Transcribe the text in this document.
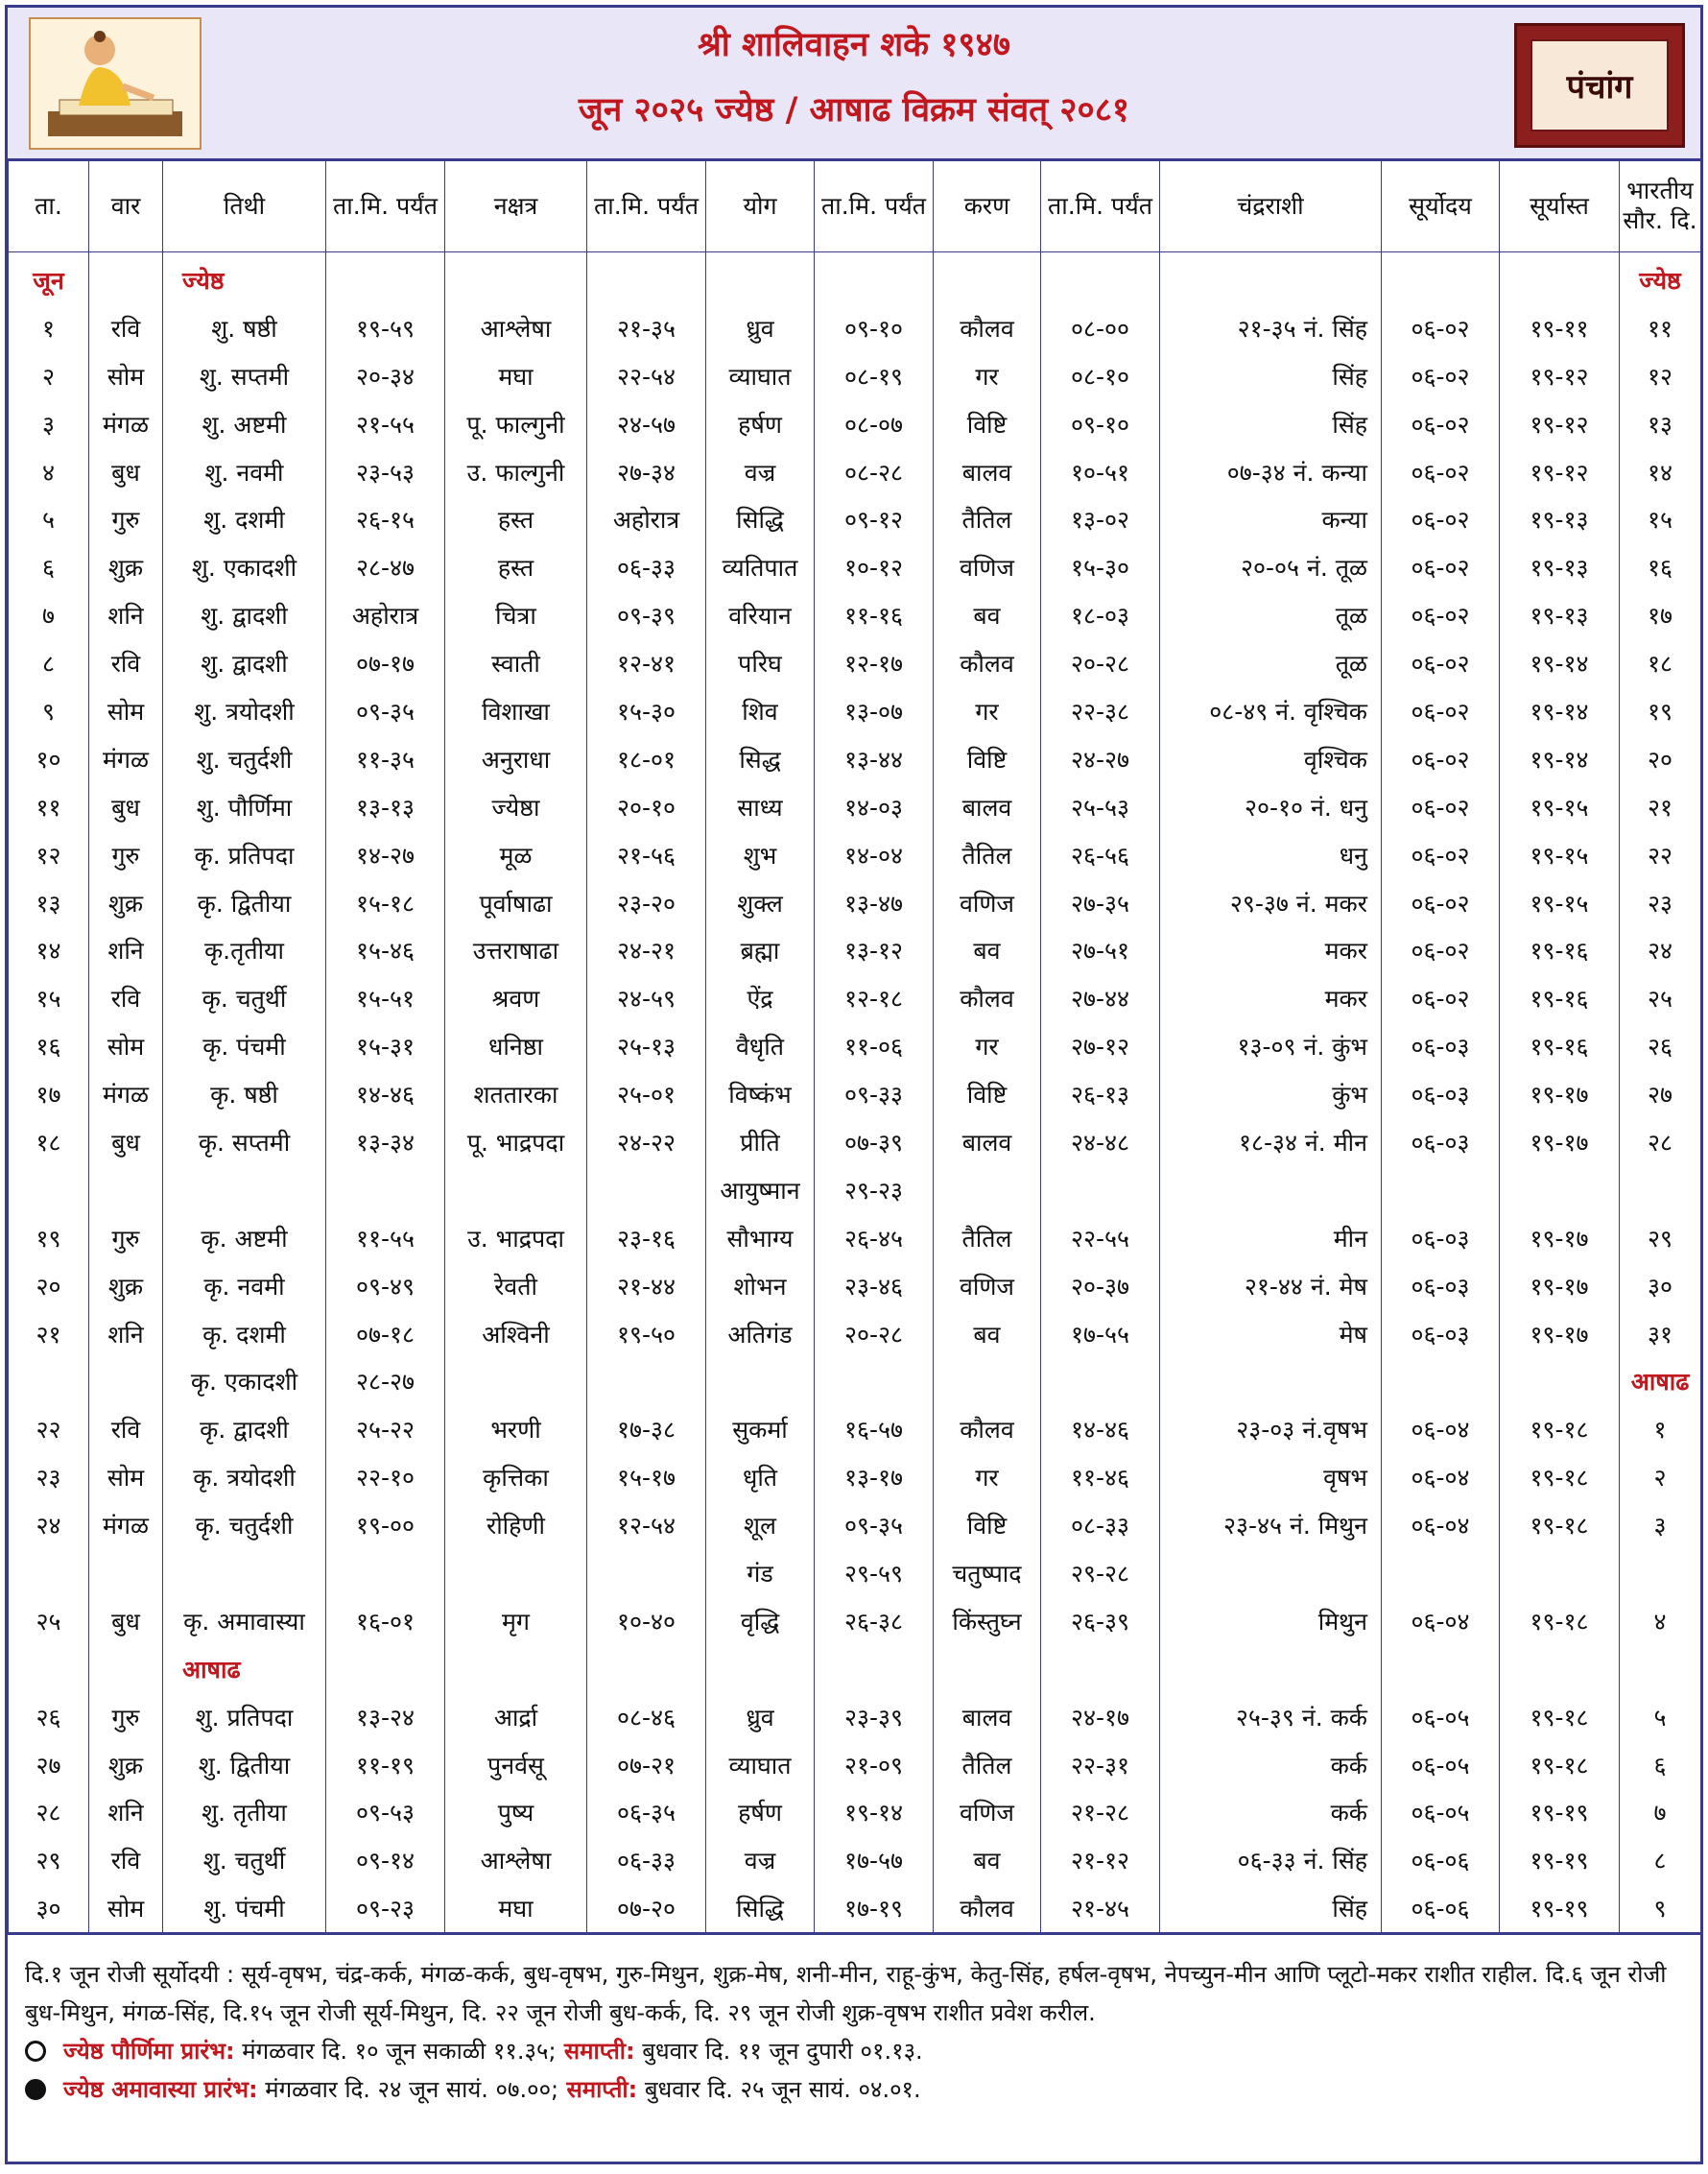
श्री शालिवाहन शके १९४७
जून २०२५ ज्येष्ठ / आषाढ विक्रम संवत् २०८१
पंचांग
ता.	वार	तिथी	ता.मि. पर्यंत	नक्षत्र	ता.मि. पर्यंत	योग	ता.मि. पर्यंत	करण	ता.मि. पर्यंत	चंद्रराशी	सूर्योदय	सूर्यास्त	भारतीय सौर. दि.
जून		ज्येष्ठ											ज्येष्ठ
१	रवि	शु. षष्ठी	१९-५९	आश्लेषा	२१-३५	ध्रुव	०९-१०	कौलव	०८-००	२१-३५ नं. सिंह	०६-०२	१९-११	११
२	सोम	शु. सप्तमी	२०-३४	मघा	२२-५४	व्याघात	०८-१९	गर	०८-१०	सिंह	०६-०२	१९-१२	१२
३	मंगळ	शु. अष्टमी	२१-५५	पू. फाल्गुनी	२४-५७	हर्षण	०८-०७	विष्टि	०९-१०	सिंह	०६-०२	१९-१२	१३
४	बुध	शु. नवमी	२३-५३	उ. फाल्गुनी	२७-३४	वज्र	०८-२८	बालव	१०-५१	०७-३४ नं. कन्या	०६-०२	१९-१२	१४
५	गुरु	शु. दशमी	२६-१५	हस्त	अहोरात्र	सिद्धि	०९-१२	तैतिल	१३-०२	कन्या	०६-०२	१९-१३	१५
६	शुक्र	शु. एकादशी	२८-४७	हस्त	०६-३३	व्यतिपात	१०-१२	वणिज	१५-३०	२०-०५ नं. तूळ	०६-०२	१९-१३	१६
७	शनि	शु. द्वादशी	अहोरात्र	चित्रा	०९-३९	वरियान	११-१६	बव	१८-०३	तूळ	०६-०२	१९-१३	१७
८	रवि	शु. द्वादशी	०७-१७	स्वाती	१२-४१	परिघ	१२-१७	कौलव	२०-२८	तूळ	०६-०२	१९-१४	१८
९	सोम	शु. त्रयोदशी	०९-३५	विशाखा	१५-३०	शिव	१३-०७	गर	२२-३८	०८-४९ नं. वृश्चिक	०६-०२	१९-१४	१९
१०	मंगळ	शु. चतुर्दशी	११-३५	अनुराधा	१८-०१	सिद्ध	१३-४४	विष्टि	२४-२७	वृश्चिक	०६-०२	१९-१४	२०
११	बुध	शु. पौर्णिमा	१३-१३	ज्येष्ठा	२०-१०	साध्य	१४-०३	बालव	२५-५३	२०-१० नं. धनु	०६-०२	१९-१५	२१
१२	गुरु	कृ. प्रतिपदा	१४-२७	मूळ	२१-५६	शुभ	१४-०४	तैतिल	२६-५६	धनु	०६-०२	१९-१५	२२
१३	शुक्र	कृ. द्वितीया	१५-१८	पूर्वाषाढा	२३-२०	शुक्ल	१३-४७	वणिज	२७-३५	२९-३७ नं. मकर	०६-०२	१९-१५	२३
१४	शनि	कृ.तृतीया	१५-४६	उत्तराषाढा	२४-२१	ब्रह्मा	१३-१२	बव	२७-५१	मकर	०६-०२	१९-१६	२४
१५	रवि	कृ. चतुर्थी	१५-५१	श्रवण	२४-५९	ऐंद्र	१२-१८	कौलव	२७-४४	मकर	०६-०२	१९-१६	२५
१६	सोम	कृ. पंचमी	१५-३१	धनिष्ठा	२५-१३	वैधृति	११-०६	गर	२७-१२	१३-०९ नं. कुंभ	०६-०३	१९-१६	२६
१७	मंगळ	कृ. षष्ठी	१४-४६	शततारका	२५-०१	विष्कंभ	०९-३३	विष्टि	२६-१३	कुंभ	०६-०३	१९-१७	२७
१८	बुध	कृ. सप्तमी	१३-३४	पू. भाद्रपदा	२४-२२	प्रीति	०७-३९	बालव	२४-४८	१८-३४ नं. मीन	०६-०३	१९-१७	२८
						आयुष्मान	२९-२३						
१९	गुरु	कृ. अष्टमी	११-५५	उ. भाद्रपदा	२३-१६	सौभाग्य	२६-४५	तैतिल	२२-५५	मीन	०६-०३	१९-१७	२९
२०	शुक्र	कृ. नवमी	०९-४९	रेवती	२१-४४	शोभन	२३-४६	वणिज	२०-३७	२१-४४ नं. मेष	०६-०३	१९-१७	३०
२१	शनि	कृ. दशमी	०७-१८	अश्विनी	१९-५०	अतिगंड	२०-२८	बव	१७-५५	मेष	०६-०३	१९-१७	३१
		कृ. एकादशी	२८-२७										आषाढ
२२	रवि	कृ. द्वादशी	२५-२२	भरणी	१७-३८	सुकर्मा	१६-५७	कौलव	१४-४६	२३-०३ नं.वृषभ	०६-०४	१९-१८	१
२३	सोम	कृ. त्रयोदशी	२२-१०	कृत्तिका	१५-१७	धृति	१३-१७	गर	११-४६	वृषभ	०६-०४	१९-१८	२
२४	मंगळ	कृ. चतुर्दशी	१९-००	रोहिणी	१२-५४	शूल	०९-३५	विष्टि	०८-३३	२३-४५ नं. मिथुन	०६-०४	१९-१८	३
						गंड	२९-५९	चतुष्पाद	२९-२८				
२५	बुध	कृ. अमावास्या	१६-०१	मृग	१०-४०	वृद्धि	२६-३८	किंस्तुघ्न	२६-३९	मिथुन	०६-०४	१९-१८	४
		आषाढ											
२६	गुरु	शु. प्रतिपदा	१३-२४	आर्द्रा	०८-४६	ध्रुव	२३-३९	बालव	२४-१७	२५-३९ नं. कर्क	०६-०५	१९-१८	५
२७	शुक्र	शु. द्वितीया	११-१९	पुनर्वसू	०७-२१	व्याघात	२१-०९	तैतिल	२२-३१	कर्क	०६-०५	१९-१८	६
२८	शनि	शु. तृतीया	०९-५३	पुष्य	०६-३५	हर्षण	१९-१४	वणिज	२१-२८	कर्क	०६-०५	१९-१९	७
२९	रवि	शु. चतुर्थी	०९-१४	आश्लेषा	०६-३३	वज्र	१७-५७	बव	२१-१२	०६-३३ नं. सिंह	०६-०६	१९-१९	८
३०	सोम	शु. पंचमी	०९-२३	मघा	०७-२०	सिद्धि	१७-१९	कौलव	२१-४५	सिंह	०६-०६	१९-१९	९

दि.१ जून रोजी सूर्योदयी : सूर्य-वृषभ, चंद्र-कर्क, मंगळ-कर्क, बुध-वृषभ, गुरु-मिथुन, शुक्र-मेष, शनी-मीन, राहू-कुंभ, केतु-सिंह, हर्षल-वृषभ, नेपच्युन-मीन आणि प्लूटो-मकर राशीत राहील. दि.६ जून रोजी बुध-मिथुन, मंगळ-सिंह, दि.१५ जून रोजी सूर्य-मिथुन, दि. २२ जून रोजी बुध-कर्क, दि. २९ जून रोजी शुक्र-वृषभ राशीत प्रवेश करील.

ज्येष्ठ पौर्णिमा प्रारंभ: मंगळवार दि. १० जून सकाळी ११.३५; समाप्ती: बुधवार दि. ११ जून दुपारी ०१.१३.

ज्येष्ठ अमावास्या प्रारंभ: मंगळवार दि. २४ जून सायं. ०७.००; समाप्ती: बुधवार दि. २५ जून सायं. ०४.०१.
